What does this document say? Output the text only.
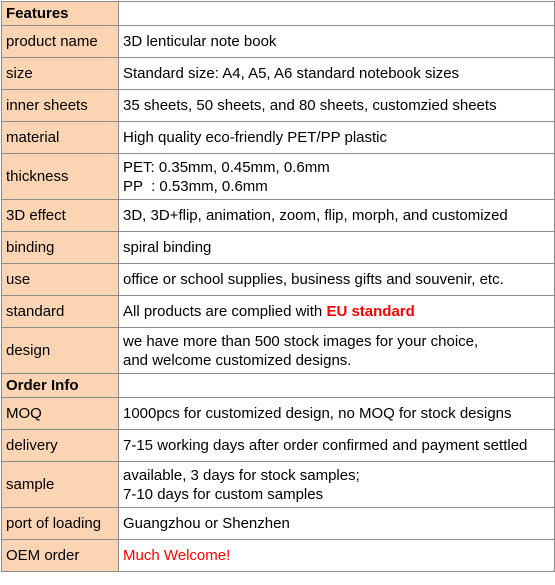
Features	
product name	3D lenticular note book
size	Standard size: A4, A5, A6 standard notebook sizes
inner sheets	35 sheets, 50 sheets, and 80 sheets, customzied sheets
material	High quality eco-friendly PET/PP plastic
thickness	PET: 0.35mm, 0.45mm, 0.6mm
PP  : 0.53mm, 0.6mm

3D effect	3D, 3D+flip, animation, zoom, flip, morph, and customized
binding	spiral binding
use	office or school supplies, business gifts and souvenir, etc.
standard	All products are complied with EU standard
design	we have more than 500 stock images for your choice,
and welcome customized designs.

Order Info	
MOQ	1000pcs for customized design, no MOQ for stock designs
delivery	7-15 working days after order confirmed and payment settled
sample	available, 3 days for stock samples;
7-10 days for custom samples

port of loading	Guangzhou or Shenzhen
OEM order	Much Welcome!
